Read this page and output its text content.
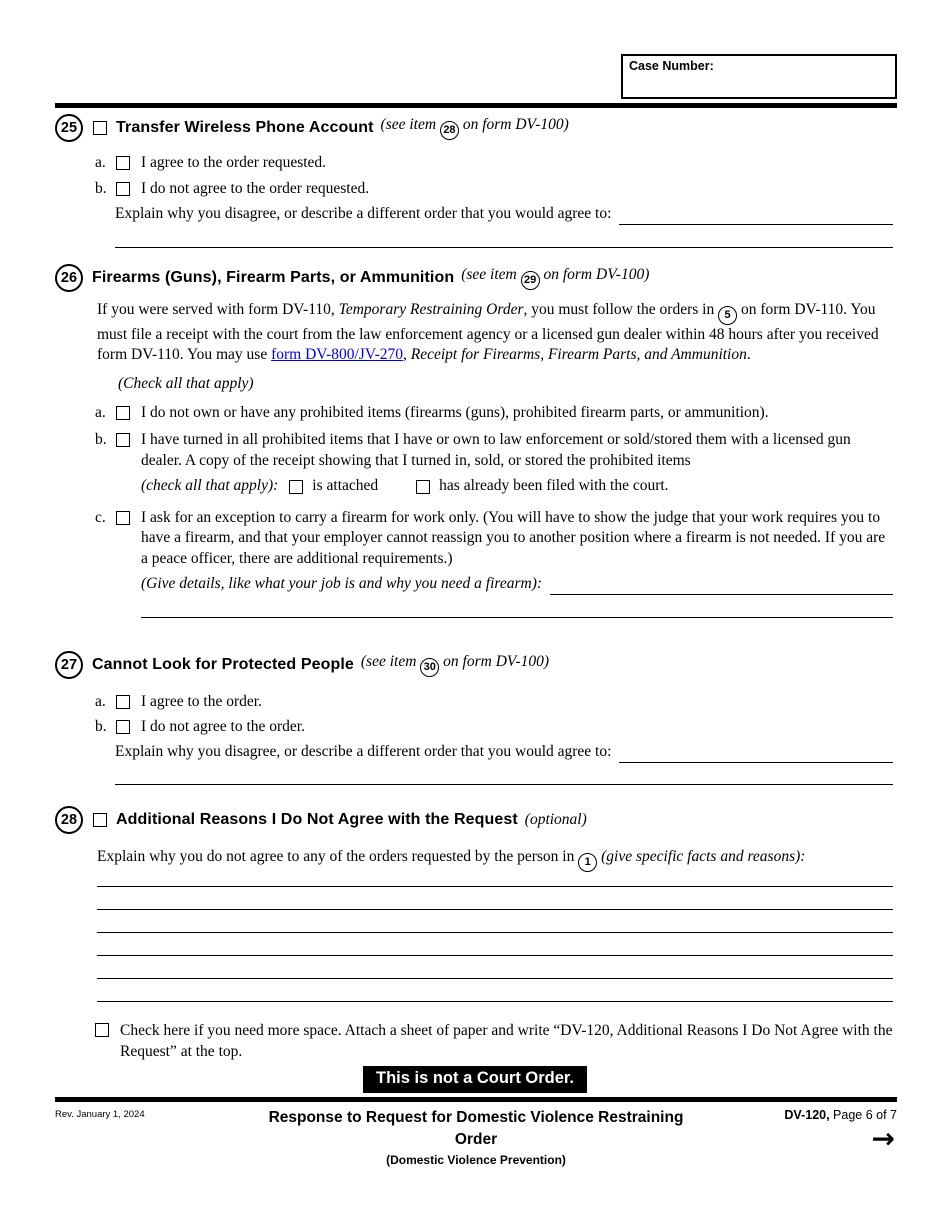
Case Number:
25	Transfer Wireless Phone Account (see item 28 on form DV-100)
a.	I agree to the order requested.
b.	I do not agree to the order requested.
Explain why you disagree, or describe a different order that you would agree to:
26 Firearms (Guns), Firearm Parts, or Ammunition (see item 29 on form DV-100)

If you were served with form DV-110, Temporary Restraining Order, you must follow the orders in 5 on form DV-110. You must file a receipt with the court from the law enforcement agency or a licensed gun dealer within 48 hours after you received form DV-110. You may use form DV-800/JV-270, Receipt for Firearms, Firearm Parts, and Ammunition.

(Check all that apply)
a.	I do not own or have any prohibited items (firearms (guns), prohibited firearm parts, or ammunition).
b.	I have turned in all prohibited items that I have or own to law enforcement or sold/stored them with a licensed gun dealer. A copy of the receipt showing that I turned in, sold, or stored the prohibited items
(check all that apply): is attached	has already been filed with the court.
c.	I ask for an exception to carry a firearm for work only. (You will have to show the judge that your work requires you to have a firearm, and that your employer cannot reassign you to another position where a firearm is not needed. If you are a peace officer, there are additional requirements.)
(Give details, like what your job is and why you need a firearm):
27 Cannot Look for Protected People (see item 30 on form DV-100)
a.	I agree to the order.
b.	I do not agree to the order.
Explain why you disagree, or describe a different order that you would agree to:
28	Additional Reasons I Do Not Agree with the Request (optional)

Explain why you do not agree to any of the orders requested by the person in 1 (give specific facts and reasons):

Check here if you need more space. Attach a sheet of paper and write “DV-120, Additional Reasons I Do Not Agree with the Request” at the top.
This is not a Court Order.
Rev. January 1, 2024	Response to Request for Domestic Violence Restraining Order
(Domestic Violence Prevention)
DV-120, Page 6 of 7
→
